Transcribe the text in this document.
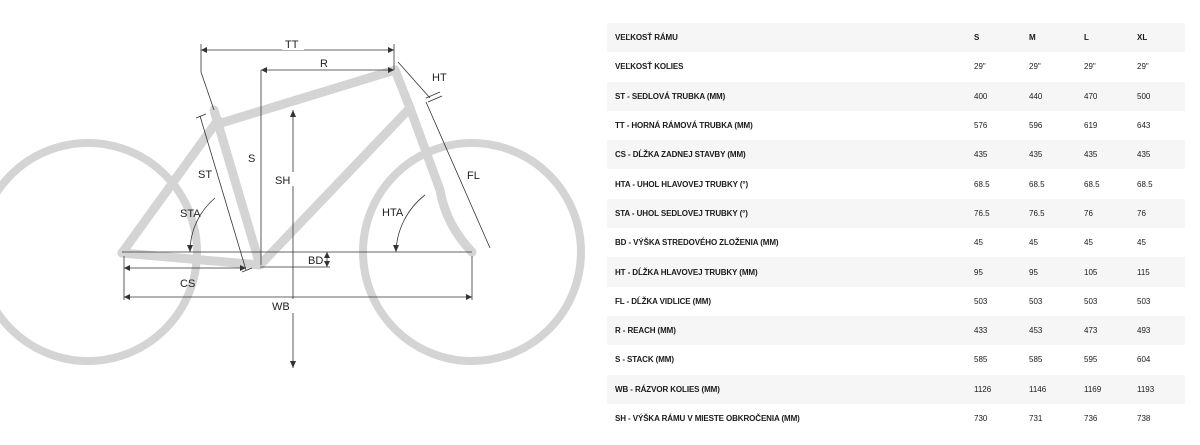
TT
R
HT
S
SH
ST
STA
FL
HTA
BD
CS
WB
VEĽKOSŤ RÁMU	S	M	L	XL
VEĽKOSŤ KOLIES	29"	29"	29"	29"
ST - SEDLOVÁ TRUBKA (MM)	400	440	470	500
TT - HORNÁ RÁMOVÁ TRUBKA (MM)	576	596	619	643
CS - DĹŽKA ZADNEJ STAVBY (MM)	435	435	435	435
HTA - UHOL HLAVOVEJ TRUBKY (°)	68.5	68.5	68.5	68.5
STA - UHOL SEDLOVEJ TRUBKY (°)	76.5	76.5	76	76
BD - VÝŠKA STREDOVÉHO ZLOŽENIA (MM)	45	45	45	45
HT - DĹŽKA HLAVOVEJ TRUBKY (MM)	95	95	105	115
FL - DĹŽKA VIDLICE (MM)	503	503	503	503
R - REACH (MM)	433	453	473	493
S - STACK (MM)	585	585	595	604
WB - RÁZVOR KOLIES (MM)	1126	1146	1169	1193
SH - VÝŠKA RÁMU V MIESTE OBKROČENIA (MM)	730	731	736	738
